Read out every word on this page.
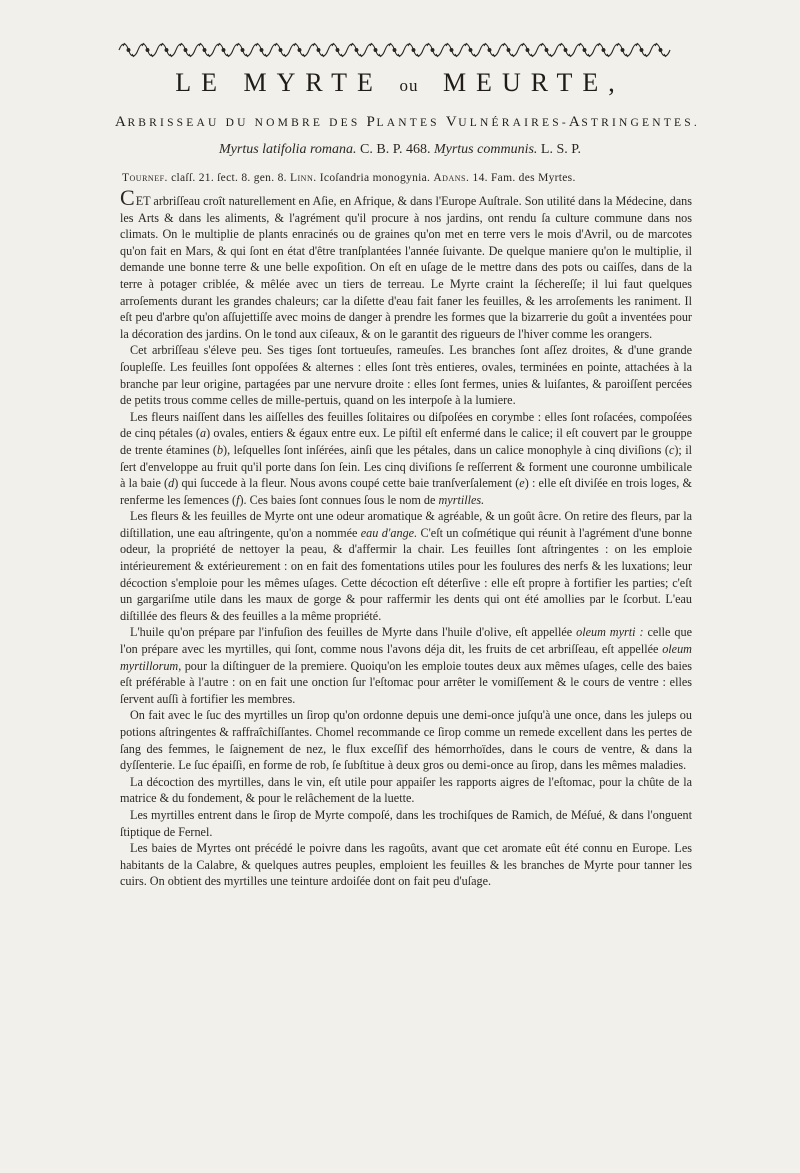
LE MYRTE ou MEURTE,
ARBRISSEAU DU NOMBRE DES PLANTES VULNÉRAIRES-ASTRINGENTES.
Myrtus latifolia romana. C. B. P. 468. Myrtus communis. L. S. P.
Tournef. claſſ. 21. ſect. 8. gen. 8. Linn. Icoſandria monogynia. Adans. 14. Fam. des Myrtes.

CET arbriſſeau croît naturellement en Aſie, en Afrique, & dans l'Europe Auſtrale. Son utilité dans la Médecine, dans les Arts & dans les aliments, & l'agrément qu'il procure à nos jardins, ont rendu ſa culture commune dans nos climats. On le multiplie de plants enracinés ou de graines qu'on met en terre vers le mois d'Avril, ou de marcotes qu'on fait en Mars, & qui ſont en état d'être tranſplantées l'année ſuivante. De quelque maniere qu'on le multiplie, il demande une bonne terre & une belle expoſition. On eſt en uſage de le mettre dans des pots ou caiſſes, dans de la terre à potager criblée, & mêlée avec un tiers de terreau. Le Myrte craint la ſéchereſſe; il lui faut quelques arroſements durant les grandes chaleurs; car la diſette d'eau fait faner les feuilles, & les arroſements les raniment. Il eſt peu d'arbre qu'on aſſujettiſſe avec moins de danger à prendre les formes que la bizarrerie du goût a inventées pour la décoration des jardins. On le tond aux ciſeaux, & on le garantit des rigueurs de l'hiver comme les orangers.

Cet arbriſſeau s'éleve peu. Ses tiges ſont tortueuſes, rameuſes. Les branches ſont aſſez droites, & d'une grande ſoupleſſe. Les feuilles ſont oppoſées & alternes : elles ſont très entieres, ovales, terminées en pointe, attachées à la branche par leur origine, partagées par une nervure droite : elles ſont fermes, unies & luiſantes, & paroiſſent percées de petits trous comme celles de mille-pertuis, quand on les interpoſe à la lumiere.

Les fleurs naiſſent dans les aiſſelles des feuilles ſolitaires ou diſpoſées en corymbe : elles ſont roſacées, compoſées de cinq pétales (a) ovales, entiers & égaux entre eux. Le piſtil eſt enfermé dans le calice; il eſt couvert par le grouppe de trente étamines (b), leſquelles ſont inſérées, ainſi que les pétales, dans un calice monophyle à cinq diviſions (c); il ſert d'enveloppe au fruit qu'il porte dans ſon ſein. Les cinq diviſions ſe reſſerrent & forment une couronne umbilicale à la baie (d) qui ſuccede à la fleur. Nous avons coupé cette baie tranſverſalement (e) : elle eſt diviſée en trois loges, & renferme les ſemences (f). Ces baies ſont connues ſous le nom de myrtilles.

Les fleurs & les feuilles de Myrte ont une odeur aromatique & agréable, & un goût âcre. On retire des fleurs, par la diſtillation, une eau aſtringente, qu'on a nommée eau d'ange. C'eſt un coſmétique qui réunit à l'agrément d'une bonne odeur, la propriété de nettoyer la peau, & d'affermir la chair. Les feuilles ſont aſtringentes : on les emploie intérieurement & extérieurement : on en fait des fomentations utiles pour les foulures des nerfs & les luxations; leur décoction s'emploie pour les mêmes uſages. Cette décoction eſt déterſive : elle eſt propre à fortifier les parties; c'eſt un gargariſme utile dans les maux de gorge & pour raffermir les dents qui ont été amollies par le ſcorbut. L'eau diſtillée des fleurs & des feuilles a la même propriété.

L'huile qu'on prépare par l'infuſion des feuilles de Myrte dans l'huile d'olive, eſt appellée oleum myrti : celle que l'on prépare avec les myrtilles, qui ſont, comme nous l'avons déja dit, les fruits de cet arbriſſeau, eſt appellée oleum myrtillorum, pour la diſtinguer de la premiere. Quoiqu'on les emploie toutes deux aux mêmes uſages, celle des baies eſt préférable à l'autre : on en fait une onction ſur l'eſtomac pour arrêter le vomiſſement & le cours de ventre : elles ſervent auſſi à fortifier les membres.

On fait avec le ſuc des myrtilles un ſirop qu'on ordonne depuis une demi-once juſqu'à une once, dans les juleps ou potions aſtringentes & raffraîchiſſantes. Chomel recommande ce ſirop comme un remede excellent dans les pertes de ſang des femmes, le ſaignement de nez, le flux exceſſif des hémorrhoïdes, dans le cours de ventre, & dans la dyſſenterie. Le ſuc épaiſſi, en forme de rob, ſe ſubſtitue à deux gros ou demi-once au ſirop, dans les mêmes maladies.

La décoction des myrtilles, dans le vin, eſt utile pour appaiſer les rapports aigres de l'eſtomac, pour la chûte de la matrice & du fondement, & pour le relâchement de la luette.

Les myrtilles entrent dans le ſirop de Myrte compoſé, dans les trochiſques de Ramich, de Méſué, & dans l'onguent ſtiptique de Fernel.

Les baies de Myrtes ont précédé le poivre dans les ragoûts, avant que cet aromate eût été connu en Europe. Les habitants de la Calabre, & quelques autres peuples, emploient les feuilles & les branches de Myrte pour tanner les cuirs. On obtient des myrtilles une teinture ardoiſée dont on fait peu d'uſage.
